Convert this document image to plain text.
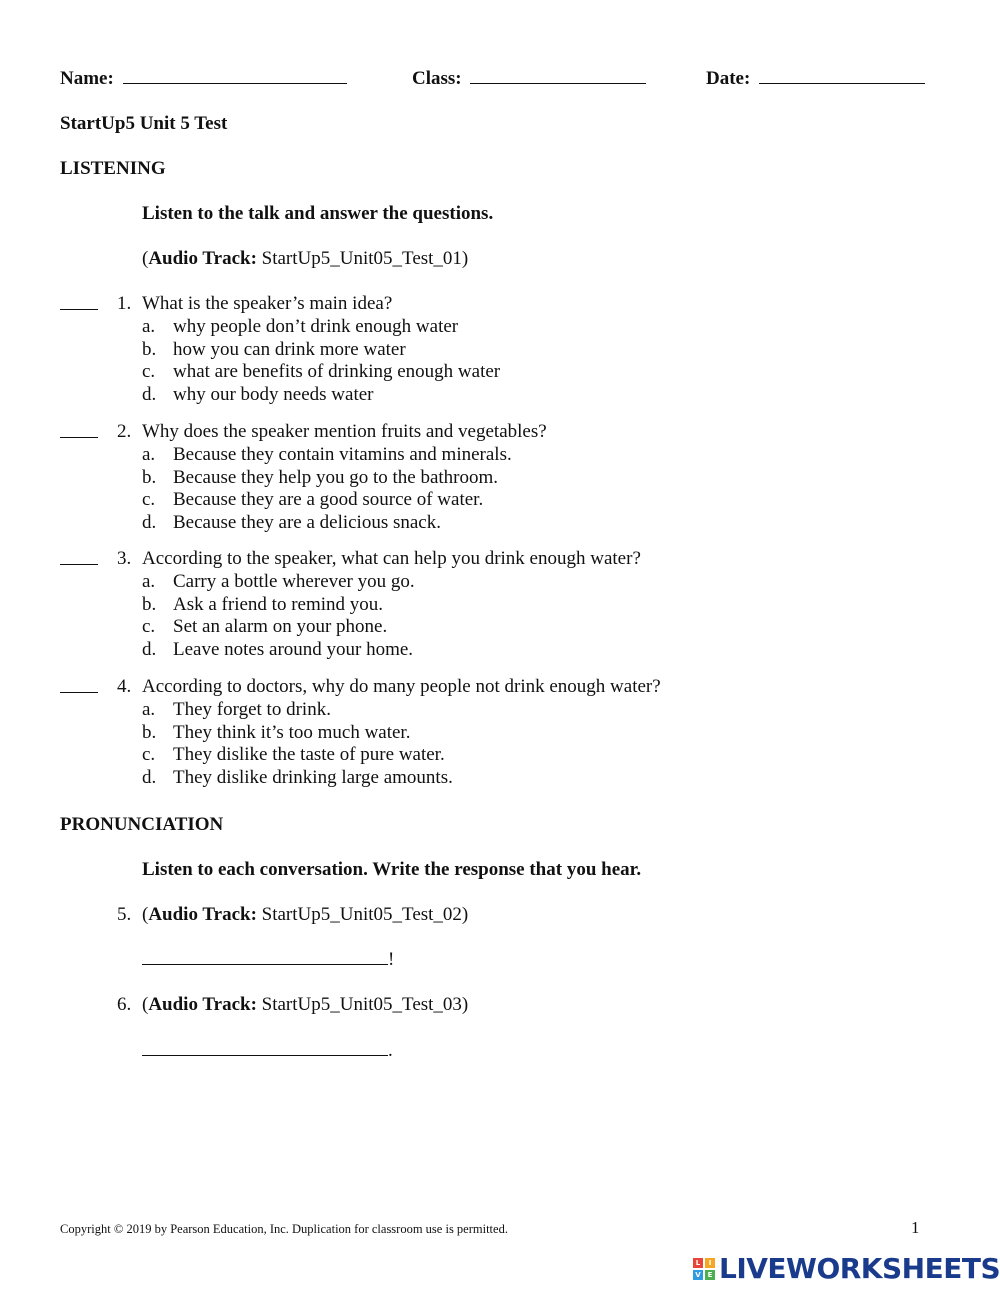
Name:	Class:	Date:
StartUp5 Unit 5 Test
LISTENING
Listen to the talk and answer the questions.
(Audio Track: StartUp5_Unit05_Test_01)
1. What is the speaker’s main idea?
a. why people don’t drink enough water
b. how you can drink more water
c. what are benefits of drinking enough water
d. why our body needs water
2. Why does the speaker mention fruits and vegetables?
a. Because they contain vitamins and minerals.
b. Because they help you go to the bathroom.
c. Because they are a good source of water.
d. Because they are a delicious snack.
3. According to the speaker, what can help you drink enough water?
a. Carry a bottle wherever you go.
b. Ask a friend to remind you.
c. Set an alarm on your phone.
d. Leave notes around your home.
4. According to doctors, why do many people not drink enough water?
a. They forget to drink.
b. They think it’s too much water.
c. They dislike the taste of pure water.
d. They dislike drinking large amounts.
PRONUNCIATION
Listen to each conversation. Write the response that you hear.
5. (Audio Track: StartUp5_Unit05_Test_02)
!
6. (Audio Track: StartUp5_Unit05_Test_03)
.
Copyright © 2019 by Pearson Education, Inc. Duplication for classroom use is permitted.	1
L	I
V E LIVEWORKSHEETS
